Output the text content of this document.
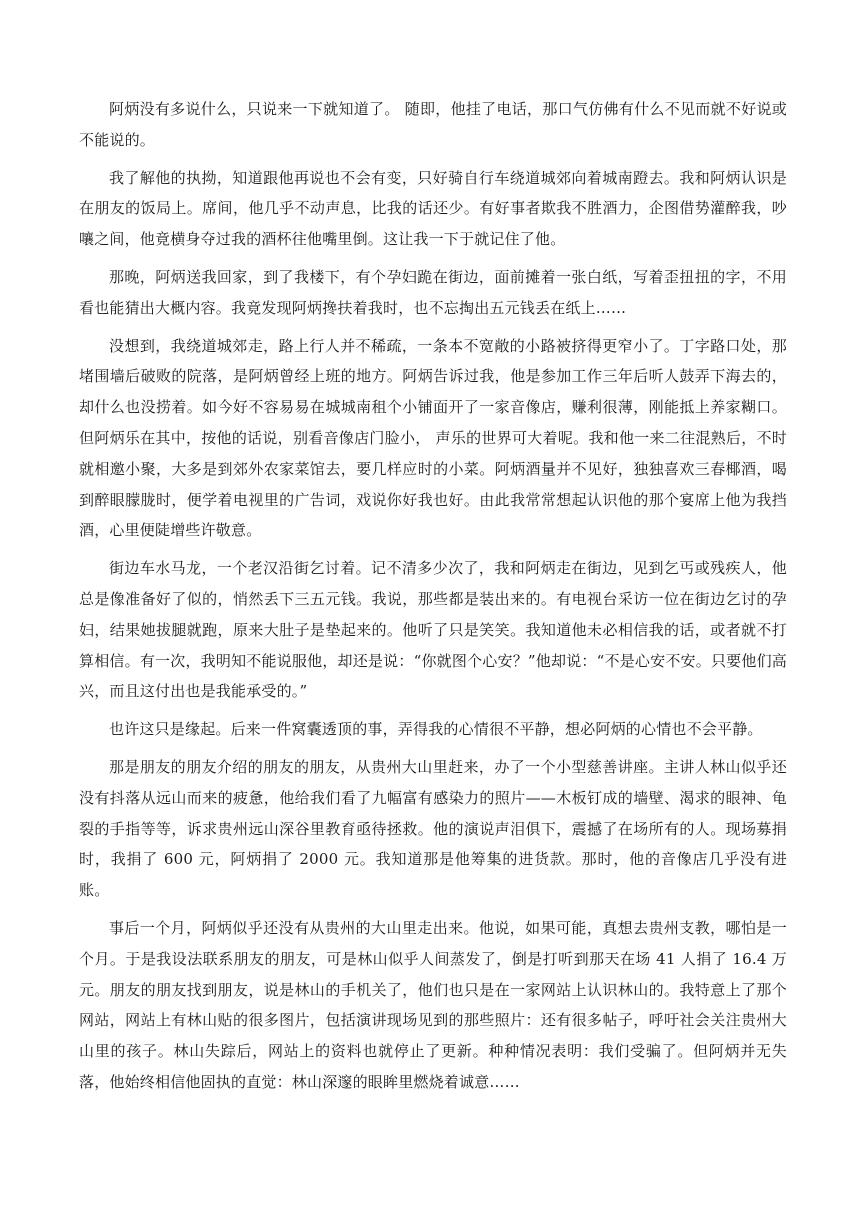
阿炳没有多说什么，只说来一下就知道了。 随即，他挂了电话，那口气仿佛有什么不见而就不好说或不能说的。

我了解他的执拗，知道跟他再说也不会有变，只好骑自行车绕道城郊向着城南蹬去。我和阿炳认识是在朋友的饭局上。席间，他几乎不动声息，比我的话还少。有好事者欺我不胜酒力，企图借势灌醉我，吵嚷之间，他竟横身夺过我的酒杯往他嘴里倒。这让我一下于就记住了他。

那晚，阿炳送我回家，到了我楼下，有个孕妇跪在街边，面前摊着一张白纸，写着歪扭扭的字，不用看也能猜出大概内容。我竟发现阿炳搀扶着我时，也不忘掏出五元钱丢在纸上……

没想到，我绕道城郊走，路上行人并不稀疏，一条本不宽敞的小路被挤得更窄小了。丁字路口处，那堵围墙后破败的院落，是阿炳曾经上班的地方。阿炳告诉过我，他是参加工作三年后听人鼓弄下海去的，却什么也没捞着。如今好不容易易在城城南租个小铺面开了一家音像店，赚利很薄，刚能抵上养家糊口。但阿炳乐在其中，按他的话说，别看音像店门脸小， 声乐的世界可大着呢。我和他一来二往混熟后，不时就相邀小聚，大多是到郊外农家菜馆去，要几样应时的小菜。阿炳酒量并不见好，独独喜欢三春椰酒，喝到醉眼朦胧时，便学着电视里的广告词，戏说你好我也好。由此我常常想起认识他的那个宴席上他为我挡酒，心里便陡增些许敬意。

街边车水马龙，一个老汉沿街乞讨着。记不清多少次了，我和阿炳走在街边，见到乞丐或残疾人，他总是像准备好了似的，悄然丢下三五元钱。我说，那些都是装出来的。有电视台采访一位在街边乞讨的孕妇，结果她拔腿就跑，原来大肚子是垫起来的。他听了只是笑笑。我知道他未必相信我的话，或者就不打算相信。有一次，我明知不能说服他，却还是说：“你就图个心安？”他却说：“不是心安不安。只要他们高兴，而且这付出也是我能承受的。”

也许这只是缘起。后来一件窝囊透顶的事，弄得我的心情很不平静，想必阿炳的心情也不会平静。

那是朋友的朋友介绍的朋友的朋友，从贵州大山里赶来，办了一个小型慈善讲座。主讲人林山似乎还没有抖落从远山而来的疲惫，他给我们看了九幅富有感染力的照片——木板钉成的墙壁、渴求的眼神、龟裂的手指等等，诉求贵州远山深谷里教育亟待拯救。他的演说声泪俱下，震撼了在场所有的人。现场募捐时，我捐了 600 元，阿炳捐了 2000 元。我知道那是他筹集的进货款。那时，他的音像店几乎没有进账。

事后一个月，阿炳似乎还没有从贵州的大山里走出来。他说，如果可能，真想去贵州支教，哪怕是一个月。于是我设法联系朋友的朋友，可是林山似乎人间蒸发了，倒是打听到那天在场 41 人捐了 16.4 万元。朋友的朋友找到朋友，说是林山的手机关了，他们也只是在一家网站上认识林山的。我特意上了那个网站，网站上有林山贴的很多图片，包括演讲现场见到的那些照片：还有很多帖子，呼吁社会关注贵州大山里的孩子。林山失踪后，网站上的资料也就停止了更新。种种情况表明：我们受骗了。但阿炳并无失落，他始终相信他固执的直觉：林山深邃的眼眸里燃烧着诚意……
